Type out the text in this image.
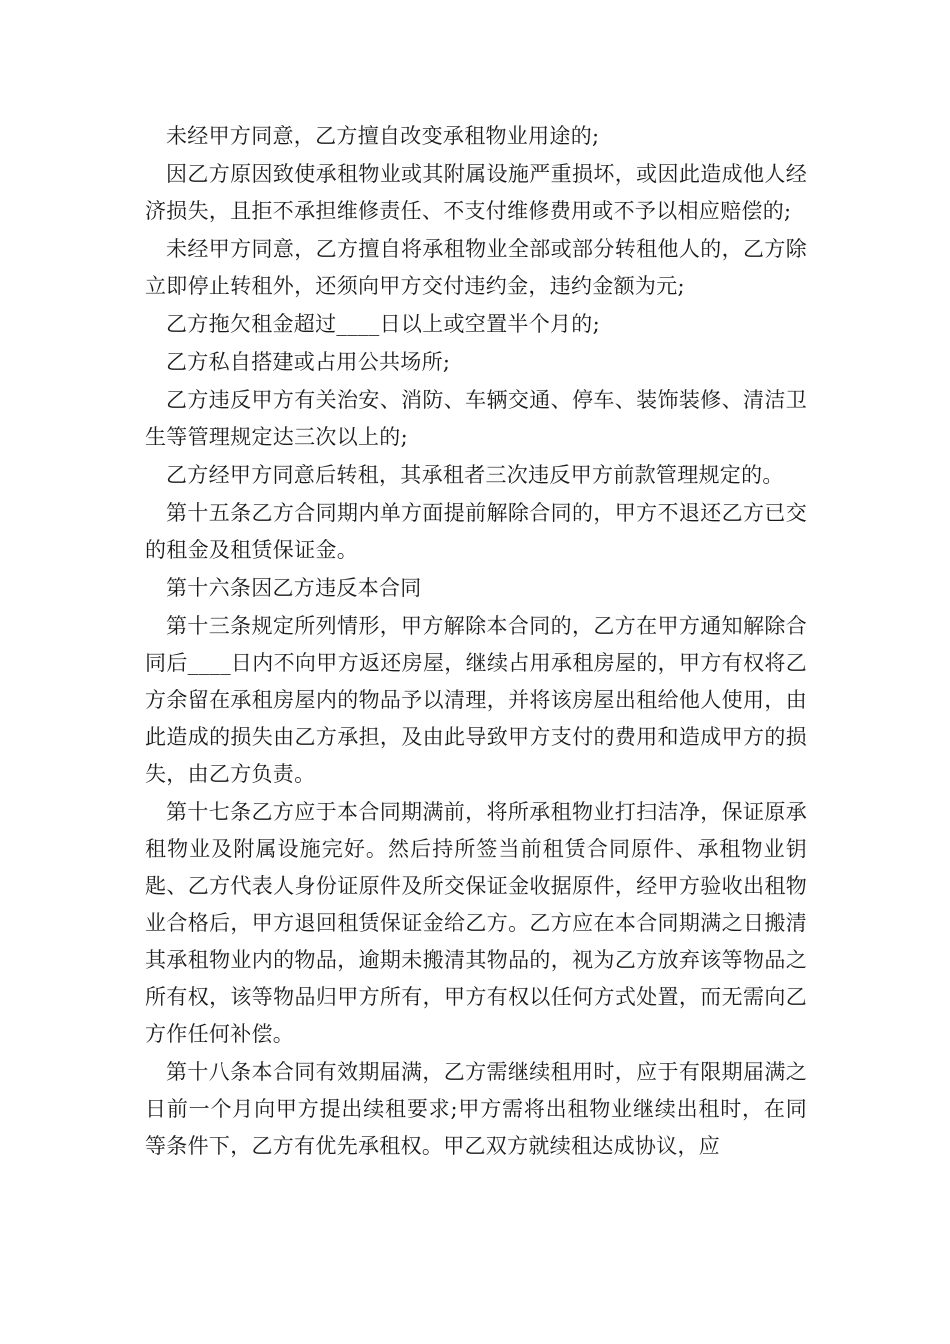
未经甲方同意，乙方擅自改变承租物业用途的;

因乙方原因致使承租物业或其附属设施严重损坏，或因此造成他人经济损失，且拒不承担维修责任、不支付维修费用或不予以相应赔偿的;

未经甲方同意，乙方擅自将承租物业全部或部分转租他人的，乙方除立即停止转租外，还须向甲方交付违约金，违约金额为元;

乙方拖欠租金超过____日以上或空置半个月的;

乙方私自搭建或占用公共场所;

乙方违反甲方有关治安、消防、车辆交通、停车、装饰装修、清洁卫生等管理规定达三次以上的;

乙方经甲方同意后转租，其承租者三次违反甲方前款管理规定的。

第十五条乙方合同期内单方面提前解除合同的，甲方不退还乙方已交的租金及租赁保证金。

第十六条因乙方违反本合同

第十三条规定所列情形，甲方解除本合同的，乙方在甲方通知解除合同后____日内不向甲方返还房屋，继续占用承租房屋的，甲方有权将乙方余留在承租房屋内的物品予以清理，并将该房屋出租给他人使用，由此造成的损失由乙方承担，及由此导致甲方支付的费用和造成甲方的损失，由乙方负责。

第十七条乙方应于本合同期满前，将所承租物业打扫洁净，保证原承租物业及附属设施完好。然后持所签当前租赁合同原件、承租物业钥匙、乙方代表人身份证原件及所交保证金收据原件，经甲方验收出租物业合格后，甲方退回租赁保证金给乙方。乙方应在本合同期满之日搬清其承租物业内的物品，逾期未搬清其物品的，视为乙方放弃该等物品之所有权，该等物品归甲方所有，甲方有权以任何方式处置，而无需向乙方作任何补偿。

第十八条本合同有效期届满，乙方需继续租用时，应于有限期届满之日前一个月向甲方提出续租要求;甲方需将出租物业继续出租时，在同等条件下，乙方有优先承租权。甲乙双方就续租达成协议，应
